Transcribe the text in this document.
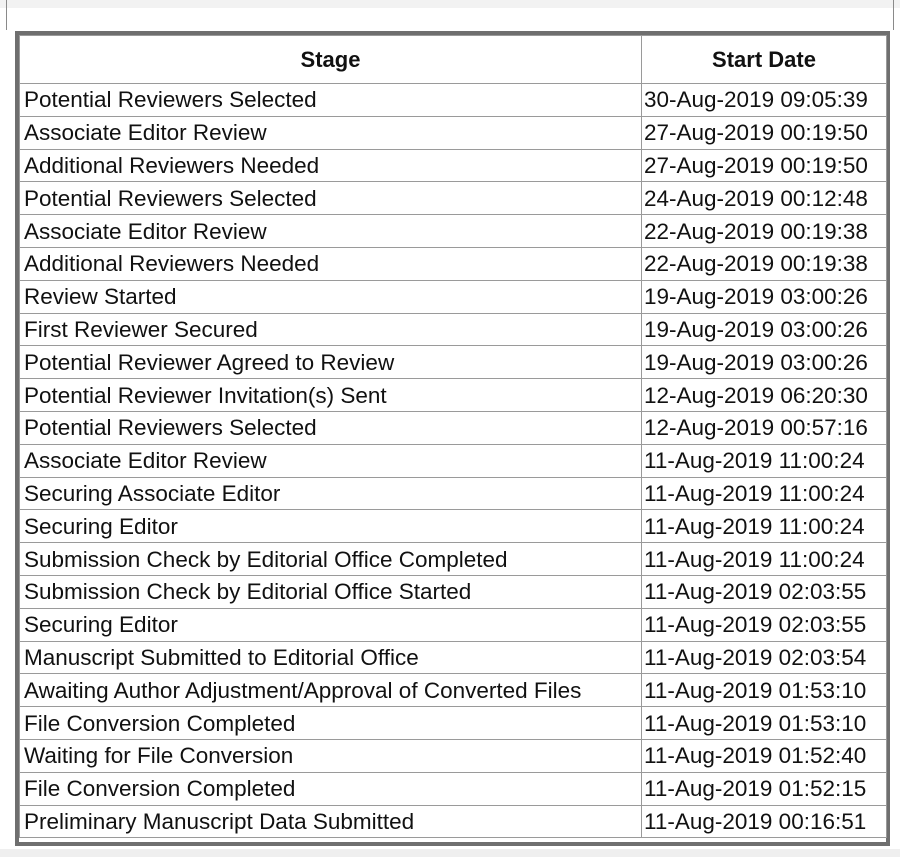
Stage	Start Date
Potential Reviewers Selected	30-Aug-2019 09:05:39
Associate Editor Review	27-Aug-2019 00:19:50
Additional Reviewers Needed	27-Aug-2019 00:19:50
Potential Reviewers Selected	24-Aug-2019 00:12:48
Associate Editor Review	22-Aug-2019 00:19:38
Additional Reviewers Needed	22-Aug-2019 00:19:38
Review Started	19-Aug-2019 03:00:26
First Reviewer Secured	19-Aug-2019 03:00:26
Potential Reviewer Agreed to Review	19-Aug-2019 03:00:26
Potential Reviewer Invitation(s) Sent	12-Aug-2019 06:20:30
Potential Reviewers Selected	12-Aug-2019 00:57:16
Associate Editor Review	11-Aug-2019 11:00:24
Securing Associate Editor	11-Aug-2019 11:00:24
Securing Editor	11-Aug-2019 11:00:24
Submission Check by Editorial Office Completed	11-Aug-2019 11:00:24
Submission Check by Editorial Office Started	11-Aug-2019 02:03:55
Securing Editor	11-Aug-2019 02:03:55
Manuscript Submitted to Editorial Office	11-Aug-2019 02:03:54
Awaiting Author Adjustment/Approval of Converted Files	11-Aug-2019 01:53:10
File Conversion Completed	11-Aug-2019 01:53:10
Waiting for File Conversion	11-Aug-2019 01:52:40
File Conversion Completed	11-Aug-2019 01:52:15
Preliminary Manuscript Data Submitted	11-Aug-2019 00:16:51
